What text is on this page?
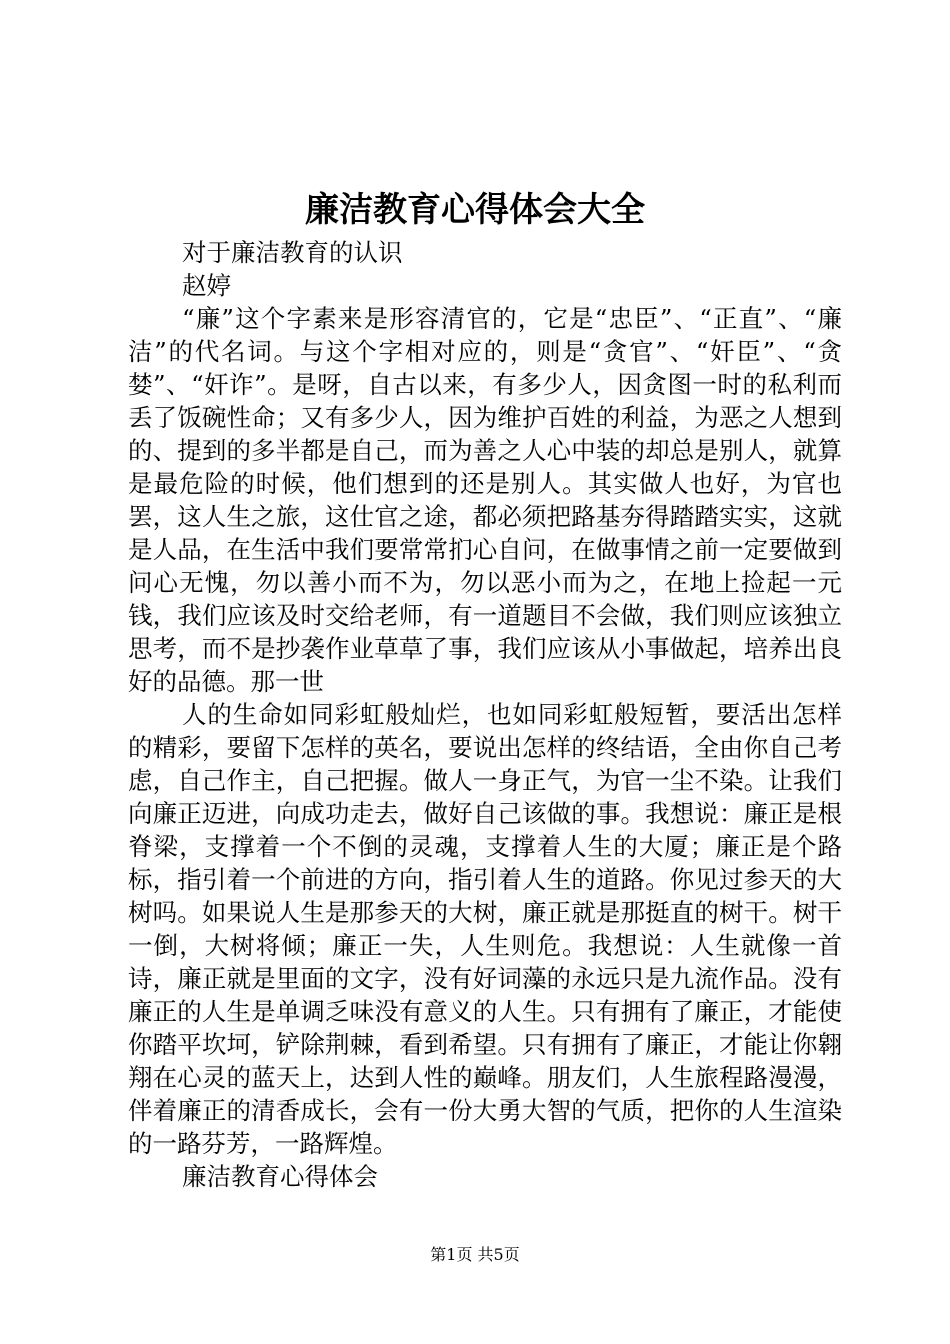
廉洁教育心得体会大全

对于廉洁教育的认识

赵婷

“廉”这个字素来是形容清官的，它是“忠臣”、“正直”、“廉洁”的代名词。与这个字相对应的，则是“贪官”、“奸臣”、“贪婪”、“奸诈”。是呀，自古以来，有多少人，因贪图一时的私利而丢了饭碗性命；又有多少人，因为维护百姓的利益，为恶之人想到的、提到的多半都是自己，而为善之人心中装的却总是别人，就算是最危险的时候，他们想到的还是别人。其实做人也好，为官也罢，这人生之旅，这仕官之途，都必须把路基夯得踏踏实实，这就是人品，在生活中我们要常常扪心自问，在做事情之前一定要做到问心无愧，勿以善小而不为，勿以恶小而为之，在地上捡起一元钱，我们应该及时交给老师，有一道题目不会做，我们则应该独立思考，而不是抄袭作业草草了事，我们应该从小事做起，培养出良好的品德。那一世

人的生命如同彩虹般灿烂，也如同彩虹般短暂，要活出怎样的精彩，要留下怎样的英名，要说出怎样的终结语，全由你自己考虑，自己作主，自己把握。做人一身正气，为官一尘不染。让我们向廉正迈进，向成功走去，做好自己该做的事。我想说：廉正是根脊梁，支撑着一个不倒的灵魂，支撑着人生的大厦；廉正是个路标，指引着一个前进的方向，指引着人生的道路。你见过参天的大树吗。如果说人生是那参天的大树，廉正就是那挺直的树干。树干一倒，大树将倾；廉正一失，人生则危。我想说：人生就像一首诗，廉正就是里面的文字，没有好词藻的永远只是九流作品。没有廉正的人生是单调乏味没有意义的人生。只有拥有了廉正，才能使你踏平坎坷，铲除荆棘，看到希望。只有拥有了廉正，才能让你翱翔在心灵的蓝天上，达到人性的巅峰。朋友们，人生旅程路漫漫，伴着廉正的清香成长，会有一份大勇大智的气质，把你的人生渲染的一路芬芳，一路辉煌。

廉洁教育心得体会

第1页 共5页
